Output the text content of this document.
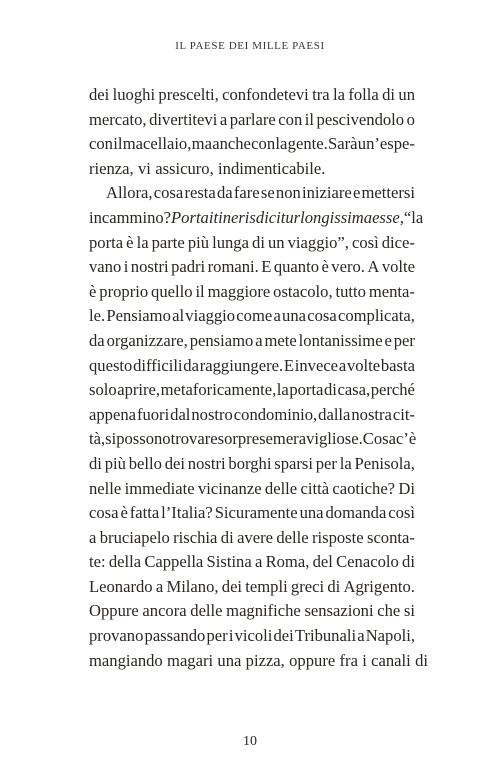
IL PAESE DEI MILLE PAESI
dei luoghi prescelti, confondetevi tra la folla di un
mercato, divertitevi a parlare con il pescivendolo o
con il macellaio, ma anche con la gente. Sarà un’espe-
rienza, vi assicuro, indimenticabile.
Allora, cosa resta da fare se non iniziare e mettersi
in cammino? Porta itineris dicitur longissima esse, “la
porta è la parte più lunga di un viaggio”, così dice-
vano i nostri padri romani. E quanto è vero. A volte
è proprio quello il maggiore ostacolo, tutto menta-
le. Pensiamo al viaggio come a una cosa complicata,
da organizzare, pensiamo a mete lontanissime e per
questo difficili da raggiungere. E invece a volte basta
solo aprire, metaforicamente, la porta di casa, perché
appena fuori dal nostro condominio, dalla nostra cit-
tà, si possono trovare sorprese meravigliose. Cosa c’è
di più bello dei nostri borghi sparsi per la Penisola,
nelle immediate vicinanze delle città caotiche? Di
cosa è fatta l’Italia? Sicuramente una domanda così
a bruciapelo rischia di avere delle risposte sconta-
te: della Cappella Sistina a Roma, del Cenacolo di
Leonardo a Milano, dei templi greci di Agrigento.
Oppure ancora delle magnifiche sensazioni che si
provano passando per i vicoli dei Tribunali a Napoli,
mangiando magari una pizza, oppure fra i canali di
10
